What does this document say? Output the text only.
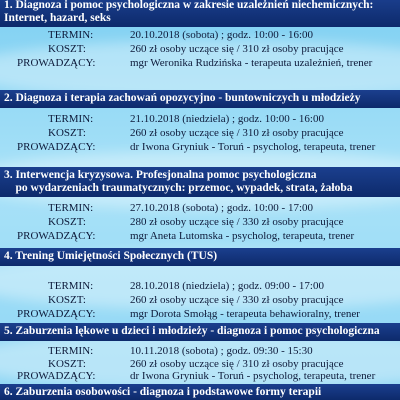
1. Diagnoza i pomoc psychologiczna w zakresie uzależnień niechemicznych:
Internet, hazard, seks
TERMIN:	20.10.2018 (sobota) ; godz. 10:00 - 16:00
KOSZT:	260 zł osoby uczące się / 310 zł osoby pracujące
PROWADZĄCY:	mgr Weronika Rudzińska - terapeuta uzależnień, trener
2. Diagnoza i terapia zachowań opozycyjno - buntowniczych u młodzieży
TERMIN:	21.10.2018 (niedziela) ; godz. 10:00 - 16:00
KOSZT:	260 zł osoby uczące się / 310 zł osoby pracujące
PROWADZĄCY:	dr Iwona Gryniuk - Toruń - psycholog, terapeuta, trener
3. Interwencja kryzysowa. Profesjonalna pomoc psychologiczna
po wydarzeniach traumatycznych: przemoc, wypadek, strata, żałoba
TERMIN:	27.10.2018 (sobota) ; godz. 10:00 - 17:00
KOSZT:	280 zł osoby uczące się / 330 zł osoby pracujące
PROWADZĄCY:	mgr Aneta Lutomska - psycholog, terapeuta, trener
4. Trening Umiejętności Społecznych (TUS)
TERMIN:	28.10.2018 (niedziela) ; godz. 09:00 - 17:00
KOSZT:	260 zł osoby uczące się / 330 zł osoby pracujące
PROWADZĄCY:	mgr Dorota Smołąg - terapeuta behawioralny, trener
5. Zaburzenia lękowe u dzieci i młodzieży - diagnoza i pomoc psychologiczna
TERMIN:	10.11.2018 (sobota) ; godz. 09:30 - 15:30
KOSZT:	260 zł osoby uczące się / 310 zł osoby pracujące
PROWADZĄCY:	dr Iwona Gryniuk - Toruń - psycholog, terapeuta, trener
6. Zaburzenia osobowości - diagnoza i podstawowe formy terapii
